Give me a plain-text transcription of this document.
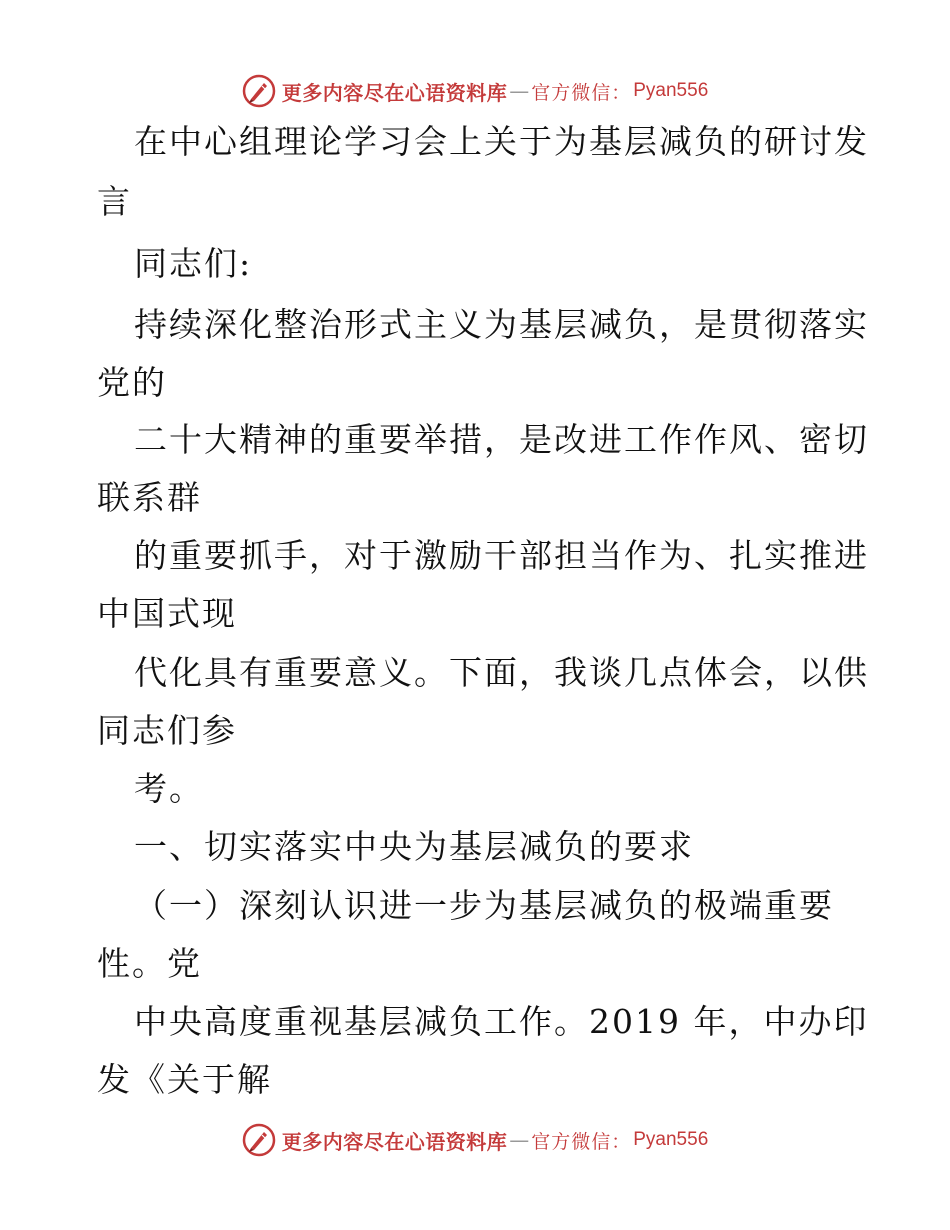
更多内容尽在心语资料库 — 官方微信： Pyan556
在中心组理论学习会上关于为基层减负的研讨发
言
同志们:
持续深化整治形式主义为基层减负，是贯彻落实
党的
二十大精神的重要举措，是改进工作作风、密切
联系群
的重要抓手，对于激励干部担当作为、扎实推进
中国式现
代化具有重要意义。下面，我谈几点体会，以供
同志们参
考。
一、切实落实中央为基层减负的要求
（一）深刻认识进一步为基层减负的极端重要
性。党
中央高度重视基层减负工作。2019 年，中办印
发《关于解
更多内容尽在心语资料库 — 官方微信： Pyan556
